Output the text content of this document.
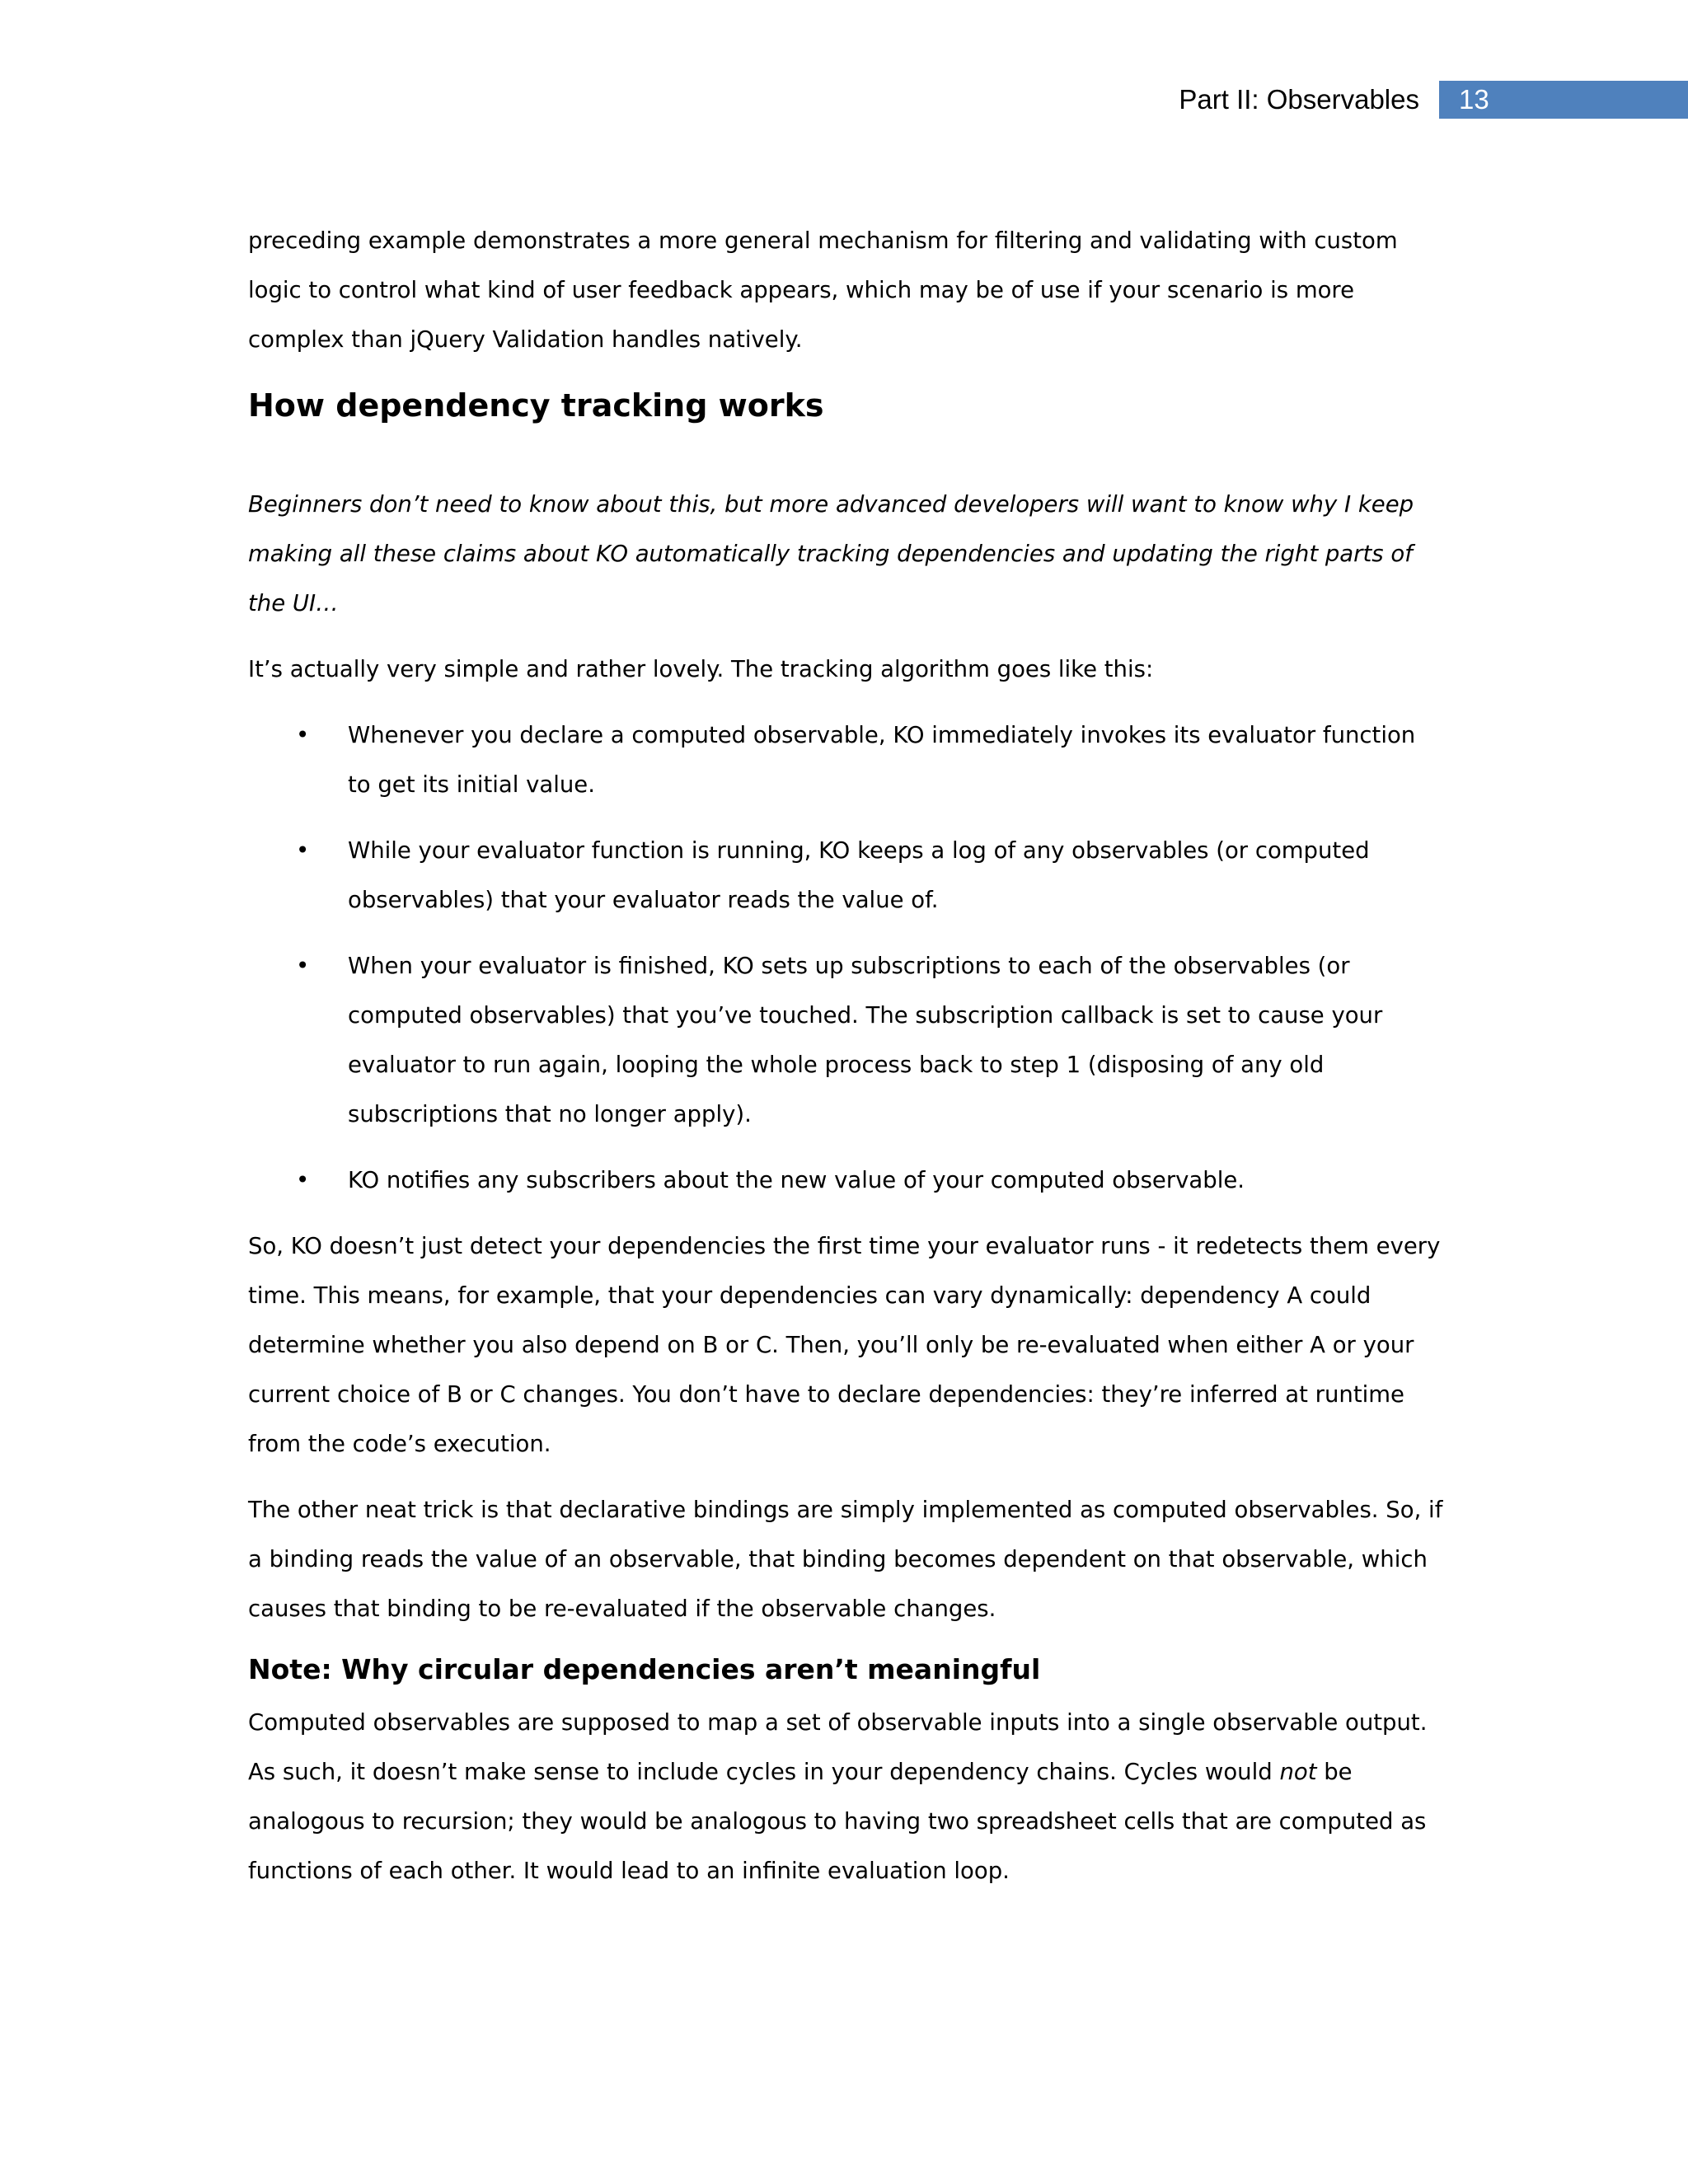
Part II: Observables	13

preceding example demonstrates a more general mechanism for filtering and validating with custom logic to control what kind of user feedback appears, which may be of use if your scenario is more complex than jQuery Validation handles natively.

How dependency tracking works

Beginners don’t need to know about this, but more advanced developers will want to know why I keep making all these claims about KO automatically tracking dependencies and updating the right parts of the UI…

It’s actually very simple and rather lovely. The tracking algorithm goes like this:

• Whenever you declare a computed observable, KO immediately invokes its evaluator function to get its initial value.
• While your evaluator function is running, KO keeps a log of any observables (or computed observables) that your evaluator reads the value of.
• When your evaluator is finished, KO sets up subscriptions to each of the observables (or computed observables) that you’ve touched. The subscription callback is set to cause your evaluator to run again, looping the whole process back to step 1 (disposing of any old subscriptions that no longer apply).
• KO notifies any subscribers about the new value of your computed observable.

So, KO doesn’t just detect your dependencies the first time your evaluator runs - it redetects them every time. This means, for example, that your dependencies can vary dynamically: dependency A could determine whether you also depend on B or C. Then, you’ll only be re-evaluated when either A or your current choice of B or C changes. You don’t have to declare dependencies: they’re inferred at runtime from the code’s execution.

The other neat trick is that declarative bindings are simply implemented as computed observables. So, if a binding reads the value of an observable, that binding becomes dependent on that observable, which causes that binding to be re-evaluated if the observable changes.

Note: Why circular dependencies aren’t meaningful

Computed observables are supposed to map a set of observable inputs into a single observable output. As such, it doesn’t make sense to include cycles in your dependency chains. Cycles would not be analogous to recursion; they would be analogous to having two spreadsheet cells that are computed as functions of each other. It would lead to an infinite evaluation loop.
